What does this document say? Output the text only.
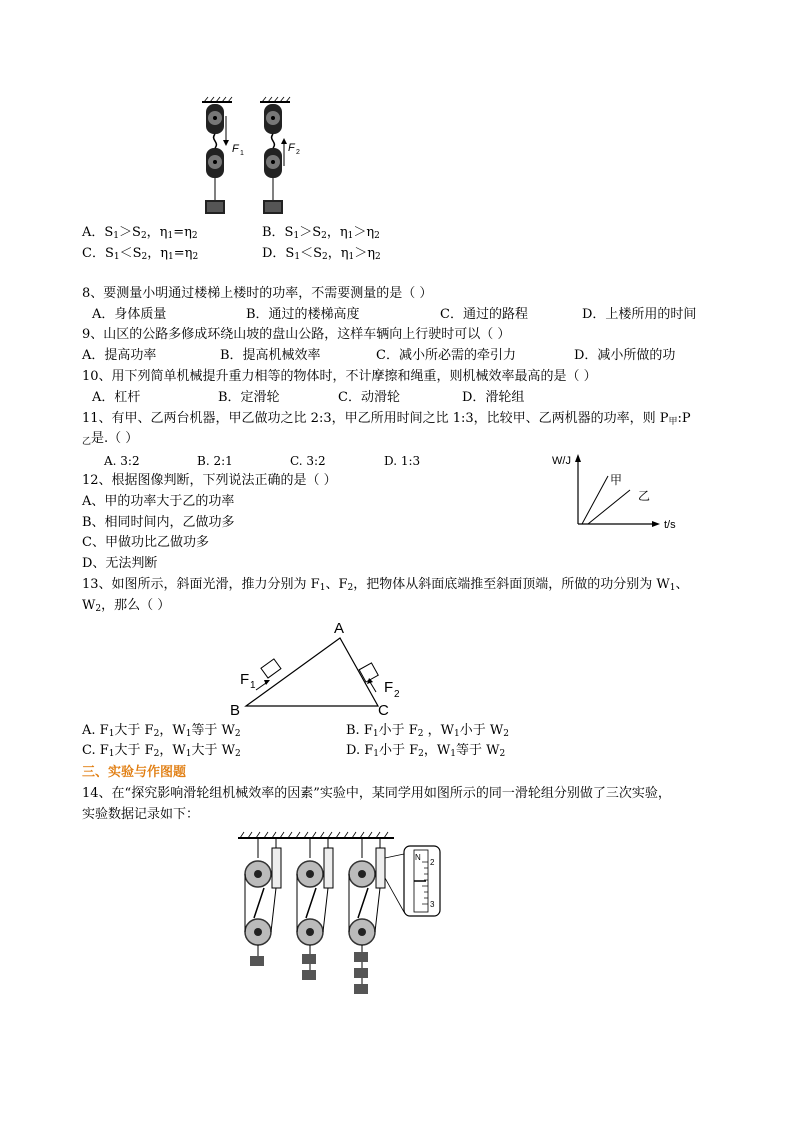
F 1	F 2
A．$S_1>S_2$，$\eta_1=\eta_2$	B．$S_1>S_2$，$\eta_1>\eta_2$
C．$S_1<S_2$，$\eta_1=\eta_2$	D．$S_1<S_2$，$\eta_1>\eta_2$
8、要测量小明通过楼梯上楼时的功率，不需要测量的是（ ）
A．身体质量	B．通过的楼梯高度	C．通过的路程	D．上楼所用的时间
9、山区的公路多修成环绕山坡的盘山公路，这样车辆向上行驶时可以（ ）
A．提高功率	B．提高机械效率	C．减小所必需的牵引力	D．减小所做的功
10、用下列简单机械提升重力相等的物体时，不计摩擦和绳重，则机械效率最高的是（ ）
A．杠杆	B．定滑轮	C．动滑轮	D．滑轮组
11、有甲、乙两台机器，甲乙做功之比 2:3，甲乙所用时间之比 1:3，比较甲、乙两机器的功率，则 $P_甲:P$
$_乙$是.（ ）
A. 3:2	B. 2:1	C. 3:2	D. 1:3
12、根据图像判断，下列说法正确的是（ ）
A、甲的功率大于乙的功率
B、相同时间内，乙做功多
C、甲做功比乙做功多
D、无法判断
W/J
t/s
甲
乙
13、如图所示，斜面光滑，推力分别为 $F_1$、$F_2$，把物体从斜面底端推至斜面顶端，所做的功分别为 $W_1$、
$W_2$，那么（ ）
A
B	C
F 1	F 2
A. $F_1$大于 $F_2$，$W_1$等于 $W_2$	B. $F_1$小于 $F_2$ ，$W_1$小于 $W_2$
C. $F_1$大于 $F_2$，$W_1$大于 $W_2$	D. $F_1$小于 $F_2$，$W_1$等于 $W_2$
三、实验与作图题
14、在“探究影响滑轮组机械效率的因素”实验中，某同学用如图所示的同一滑轮组分别做了三次实验，
实验数据记录如下：
N
2
3
